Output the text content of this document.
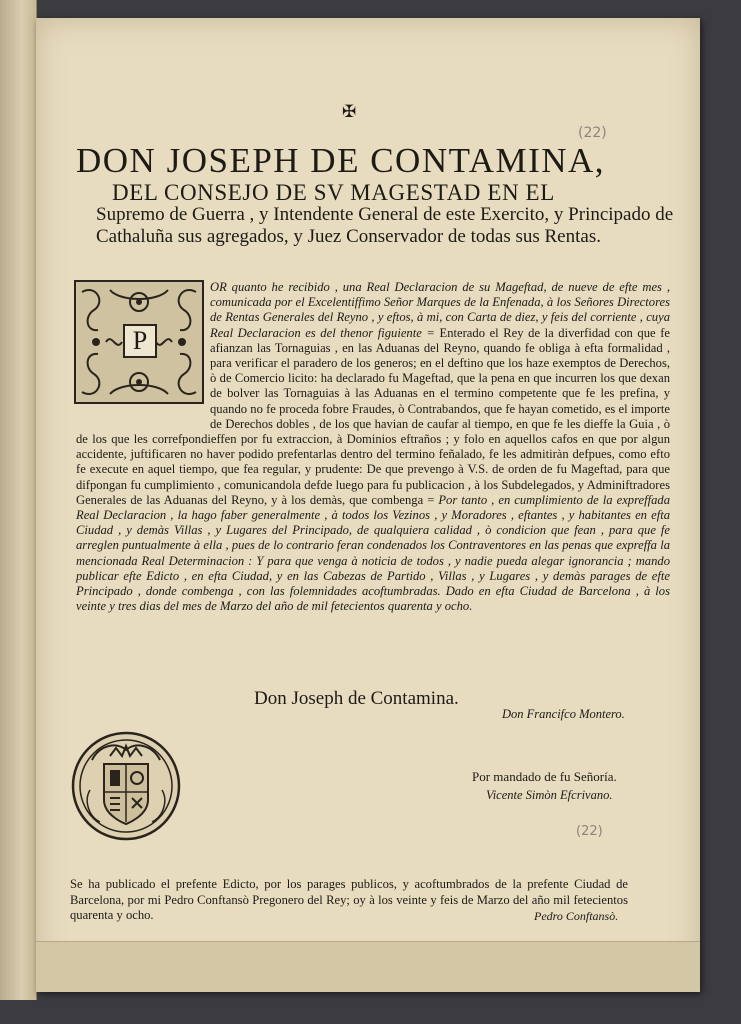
✠
(22)
DON JOSEPH DE CONTAMINA,
DEL CONSEJO DE SV MAGESTAD EN EL
Supremo de Guerra , y Intendente General de este Exercito, y Principado de Cathaluña sus agregados, y Juez Conservador de todas sus Rentas.
OR quanto he recibido , una Real Declaracion de su Mageftad, de nueve de efte mes , comunicada por el Excelentiffimo Señor Marques de la Enfenada, à los Señores Directores de Rentas Generales del Reyno , y eftos, à mi, con Carta de diez, y feis del corriente , cuya Real Declaracion es del thenor figuiente = Enterado el Rey de la diverfidad con que fe afianzan las Tornaguias , en las Aduanas del Reyno, quando fe obliga à efta formalidad , para verificar el paradero de los generos; en el deftino que los haze exemptos de Derechos, ò de Comercio licito: ha declarado fu Mageftad, que la pena en que incurren los que dexan de bolver las Tornaguias à las Aduanas en el termino competente que fe les prefina, y quando no fe proceda fobre Fraudes, ò Contrabandos, que fe hayan cometido, es el importe de Derechos dobles , de los que havian de caufar al tiempo, en que fe les dieffe la Guia , ò de los que les correfpondieffen por fu extraccion, à Dominios eftraños ; y folo en aquellos cafos en que por algun accidente, juftificaren no haver podido prefentarlas dentro del termino feñalado, fe les admitiràn defpues, como efto fe execute en aquel tiempo, que fea regular, y prudente: De que prevengo à V.S. de orden de fu Mageftad, para que difpongan fu cumplimiento , comunicandola defde luego para fu publicacion , à los Subdelegados, y Adminiftradores Generales de las Aduanas del Reyno, y à los demàs, que combenga = Por tanto , en cumplimiento de la expreffada Real Declaracion , la hago faber generalmente , à todos los Vezinos , y Moradores , eftantes , y habitantes en efta Ciudad , y demàs Villas , y Lugares del Principado, de qualquiera calidad , ò condicion que fean , para que fe arreglen puntualmente à ella , pues de lo contrario feran condenados los Contraventores en las penas que expreffa la mencionada Real Determinacion : Y para que venga à noticia de todos , y nadie pueda alegar ignorancia ; mando publicar efte Edicto , en efta Ciudad, y en las Cabezas de Partido , Villas , y Lugares , y demàs parages de efte Principado , donde combenga , con las folemnidades acoftumbradas. Dado en efta Ciudad de Barcelona , à los veinte y tres dias del mes de Marzo del año de mil fetecientos quarenta y ocho.
P
Don Joseph de Contamina.
Don Francifco Montero.
Por mandado de fu Señoría.
Vicente Simòn Efcrivano.
(22)
Se ha publicado el prefente Edicto, por los parages publicos, y acoftumbrados de la prefente Ciudad de Barcelona, por mi Pedro Conftansò Pregonero del Rey; oy à los veinte y feis de Marzo del año mil fetecientos quarenta y ocho.	Pedro Conftansò.
